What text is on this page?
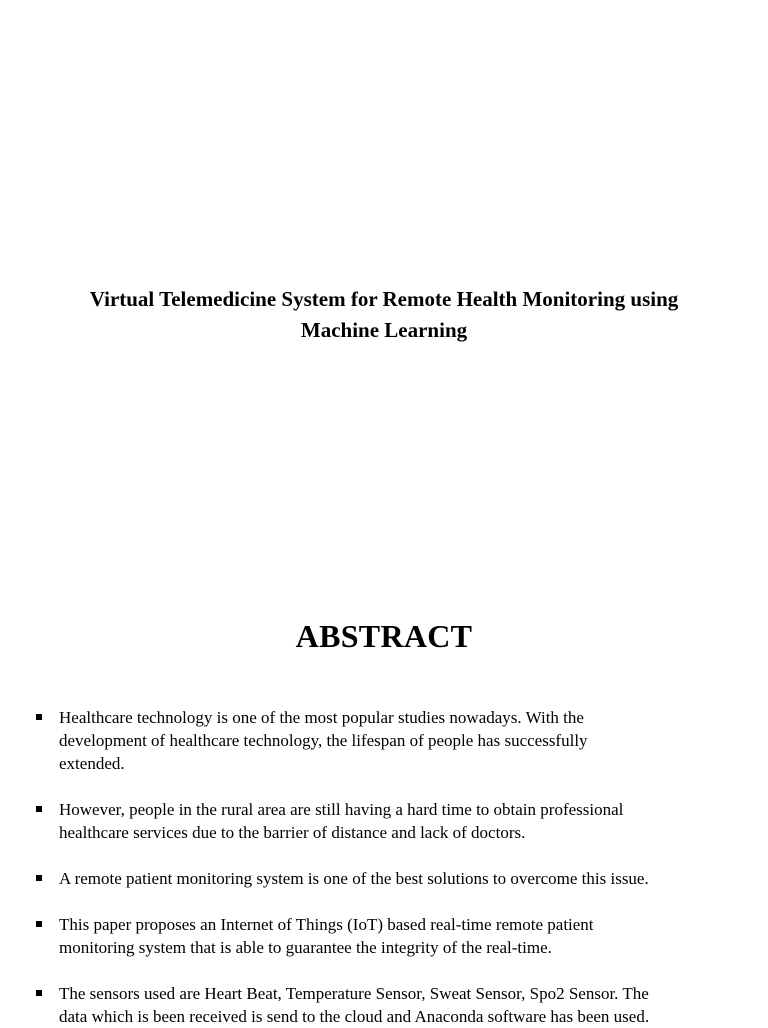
Virtual Telemedicine System for Remote Health Monitoring using
Machine Learning
ABSTRACT
Healthcare technology is one of the most popular studies nowadays. With the
development of healthcare technology, the lifespan of people has successfully
extended.
However, people in the rural area are still having a hard time to obtain professional
healthcare services due to the barrier of distance and lack of doctors.
A remote patient monitoring system is one of the best solutions to overcome this issue.
This paper proposes an Internet of Things (IoT) based real-time remote patient
monitoring system that is able to guarantee the integrity of the real-time.
The sensors used are Heart Beat, Temperature Sensor, Sweat Sensor, Spo2 Sensor. The
data which is been received is send to the cloud and Anaconda software has been used.
